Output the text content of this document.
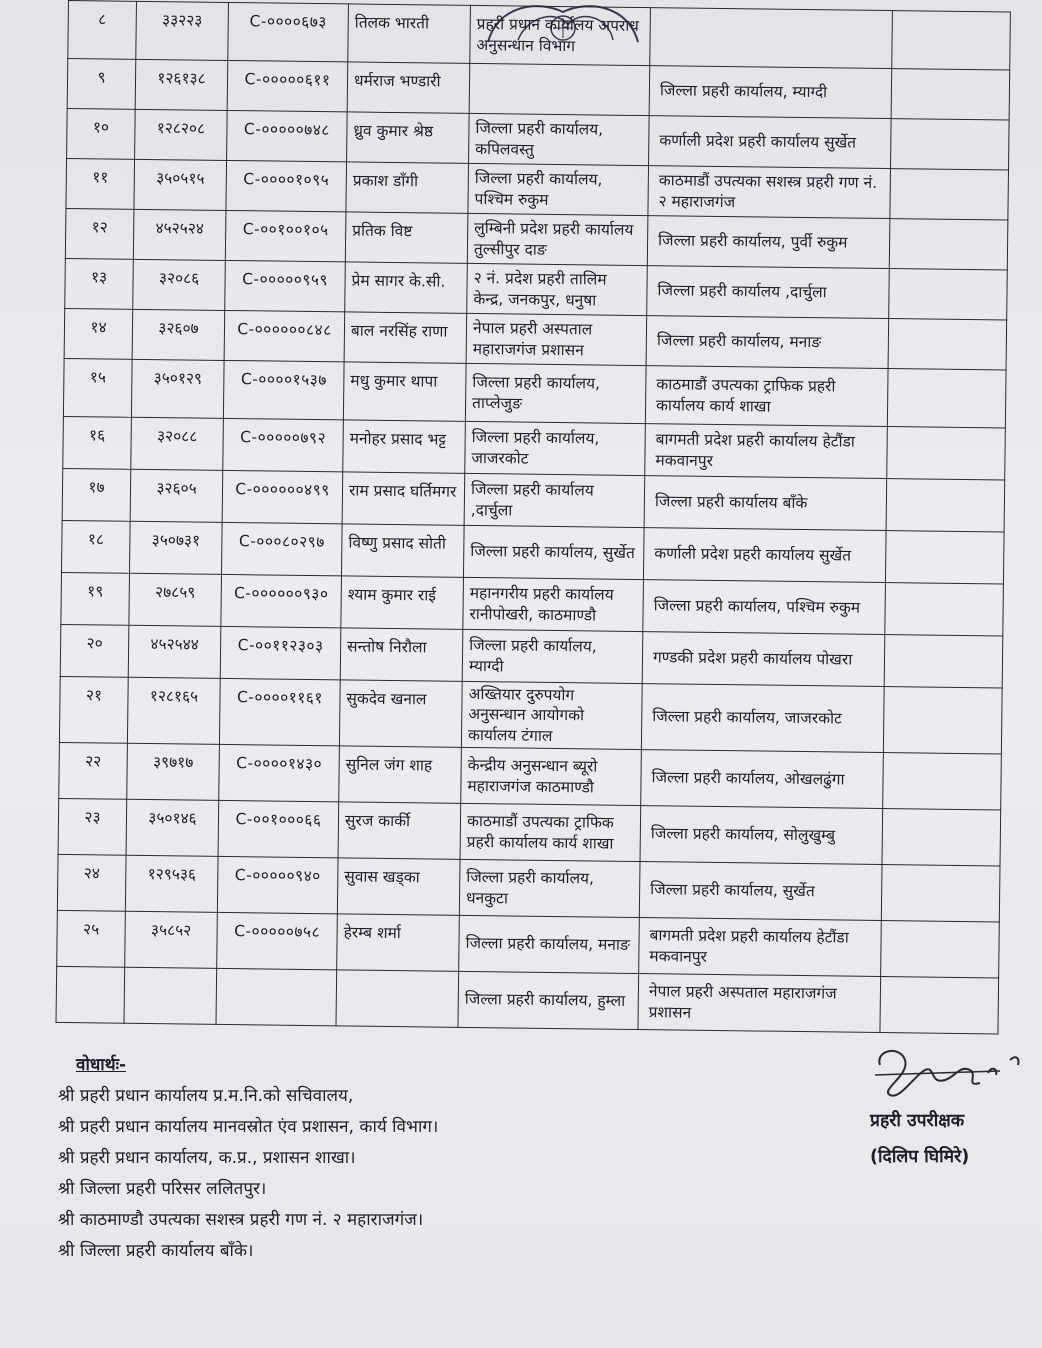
८	३३२२३	C-००००६७३	तिलक भारती	प्रहरी प्रधान कार्यालय अपराध अनुसन्धान विभाग		
९	१२६१३८	C-०००००६११	धर्मराज भण्डारी		जिल्ला प्रहरी कार्यालय, म्याग्दी	
१०	१२८२०८	C-०००००७४८	ध्रुव कुमार श्रेष्ठ	जिल्ला प्रहरी कार्यालय, कपिलवस्तु	कर्णाली प्रदेश प्रहरी कार्यालय सुर्खेत	
११	३५०५१५	C-००००१०९५	प्रकाश डाँगी	जिल्ला प्रहरी कार्यालय, पश्चिम रुकुम	काठमाडौं उपत्यका सशस्त्र प्रहरी गण नं. २ महाराजगंज	
१२	४५२५२४	C-००१००१०५	प्रतिक विष्ट	लुम्बिनी प्रदेश प्रहरी कार्यालय तुल्सीपुर दाङ	जिल्ला प्रहरी कार्यालय, पुर्वी रुकुम	
१३	३२०८६	C-०००००९५९	प्रेम सागर के.सी.	२ नं. प्रदेश प्रहरी तालिम केन्द्र, जनकपुर, धनुषा	जिल्ला प्रहरी कार्यालय ,दार्चुला	
१४	३२६०७	C-००००००८४८	बाल नरसिंह राणा	नेपाल प्रहरी अस्पताल महाराजगंज प्रशासन	जिल्ला प्रहरी कार्यालय, मनाङ	
१५	३५०१२९	C-००००१५३७	मधु कुमार थापा	जिल्ला प्रहरी कार्यालय, ताप्लेजुङ	काठमाडौं उपत्यका ट्राफिक प्रहरी कार्यालय कार्य शाखा	
१६	३२०८८	C-०००००७९२	मनोहर प्रसाद भट्ट	जिल्ला प्रहरी कार्यालय, जाजरकोट	बागमती प्रदेश प्रहरी कार्यालय हेटौंडा मकवानपुर	
१७	३२६०५	C-००००००४९९	राम प्रसाद घर्तिमगर	जिल्ला प्रहरी कार्यालय ,दार्चुला	जिल्ला प्रहरी कार्यालय बाँके	
१८	३५०७३१	C-०००८०२९७	विष्णु प्रसाद सोती	जिल्ला प्रहरी कार्यालय, सुर्खेत	कर्णाली प्रदेश प्रहरी कार्यालय सुर्खेत	
१९	२७८५९	C-००००००९३०	श्याम कुमार राई	महानगरीय प्रहरी कार्यालय रानीपोखरी, काठमाण्डौ	जिल्ला प्रहरी कार्यालय, पश्चिम रुकुम	
२०	४५२५४४	C-००११२३०३	सन्तोष निरौला	जिल्ला प्रहरी कार्यालय, म्याग्दी	गण्डकी प्रदेश प्रहरी कार्यालय पोखरा	
२१	१२८१६५	C-००००११६१	सुकदेव खनाल	अख्तियार दुरुपयोग अनुसन्धान आयोगको कार्यालय टंगाल	जिल्ला प्रहरी कार्यालय, जाजरकोट	
२२	३९७१७	C-००००१४३०	सुनिल जंग शाह	केन्द्रीय अनुसन्धान ब्यूरो महाराजगंज काठमाण्डौ	जिल्ला प्रहरी कार्यालय, ओखलढुंगा	
२३	३५०१४६	C-००१०००६६	सुरज कार्की	काठमाडौं उपत्यका ट्राफिक प्रहरी कार्यालय कार्य शाखा	जिल्ला प्रहरी कार्यालय, सोलुखुम्बु	
२४	१२९५३६	C-०००००९४०	सुवास खड्का	जिल्ला प्रहरी कार्यालय, धनकुटा	जिल्ला प्रहरी कार्यालय, सुर्खेत	
२५	३५८५२	C-०००००७५८	हेरम्ब शर्मा	जिल्ला प्रहरी कार्यालय, मनाङ	बागमती प्रदेश प्रहरी कार्यालय हेटौंडा मकवानपुर	
				जिल्ला प्रहरी कार्यालय, हुम्ला	नेपाल प्रहरी अस्पताल महाराजगंज प्रशासन	
वोधार्थः-
श्री प्रहरी प्रधान कार्यालय प्र.म.नि.को सचिवालय,
श्री प्रहरी प्रधान कार्यालय मानवस्रोत एंव प्रशासन, कार्य विभाग।
श्री प्रहरी प्रधान कार्यालय, क.प्र., प्रशासन शाखा।
श्री जिल्ला प्रहरी परिसर ललितपुर।
श्री काठमाण्डौ उपत्यका सशस्त्र प्रहरी गण नं. २ महाराजगंज।
श्री जिल्ला प्रहरी कार्यालय बाँके।
प्रहरी उपरीक्षक
(दिलिप घिमिरे)
